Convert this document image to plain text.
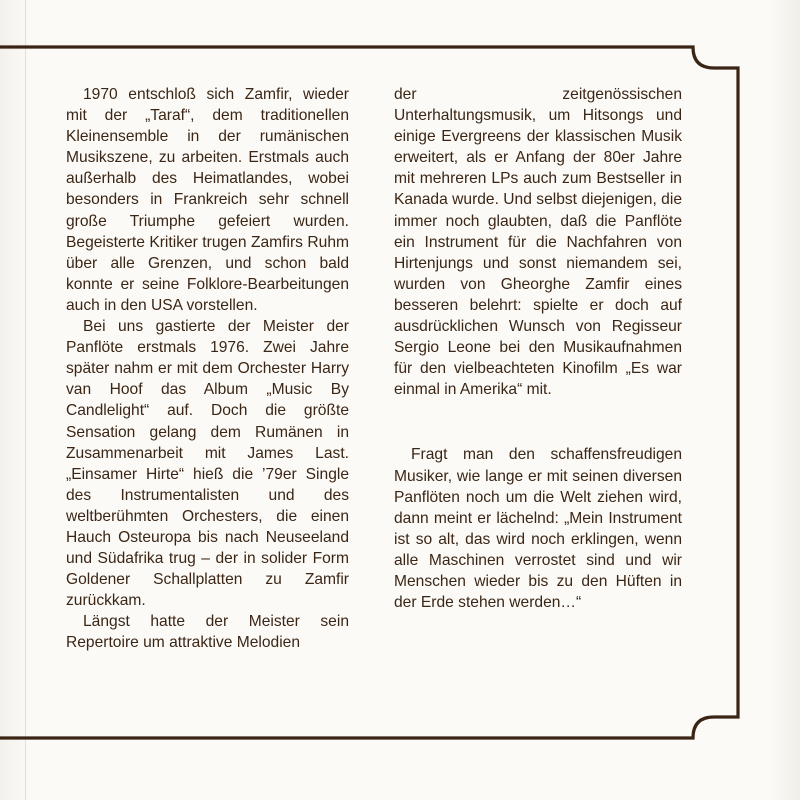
1970 entschloß sich Zamfir, wieder mit der „Taraf“, dem traditionellen Kleinensemble in der rumänischen Musikszene, zu arbeiten. Erstmals auch außerhalb des Heimatlandes, wobei besonders in Frankreich sehr schnell große Triumphe gefeiert wurden. Begeisterte Kritiker trugen Zamfirs Ruhm über alle Grenzen, und schon bald konnte er seine Folklore-Bearbeitungen auch in den USA vorstellen.

Bei uns gastierte der Meister der Panflöte erstmals 1976. Zwei Jahre später nahm er mit dem Orchester Harry van Hoof das Album „Music By Candlelight“ auf. Doch die größte Sensation gelang dem Rumänen in Zusammenarbeit mit James Last. „Einsamer Hirte“ hieß die ’79er Single des Instrumentalisten und des weltberühmten Orchesters, die einen Hauch Osteuropa bis nach Neuseeland und Südafrika trug – der in solider Form Goldener Schallplatten zu Zamfir zurückkam.

Längst hatte der Meister sein Repertoire um attraktive Melodien

der zeitgenössischen Unterhaltungsmusik, um Hitsongs und einige Evergreens der klassischen Musik erweitert, als er Anfang der 80er Jahre mit mehreren LPs auch zum Bestseller in Kanada wurde. Und selbst diejenigen, die immer noch glaubten, daß die Panflöte ein Instrument für die Nachfahren von Hirtenjungs und sonst niemandem sei, wurden von Gheorghe Zamfir eines besseren belehrt: spielte er doch auf ausdrücklichen Wunsch von Regisseur Sergio Leone bei den Musikaufnahmen für den vielbeachteten Kinofilm „Es war einmal in Amerika“ mit.

Fragt man den schaffensfreudigen Musiker, wie lange er mit seinen diversen Panflöten noch um die Welt ziehen wird, dann meint er lächelnd: „Mein Instrument ist so alt, das wird noch erklingen, wenn alle Maschinen verrostet sind und wir Menschen wieder bis zu den Hüften in der Erde stehen werden…“
